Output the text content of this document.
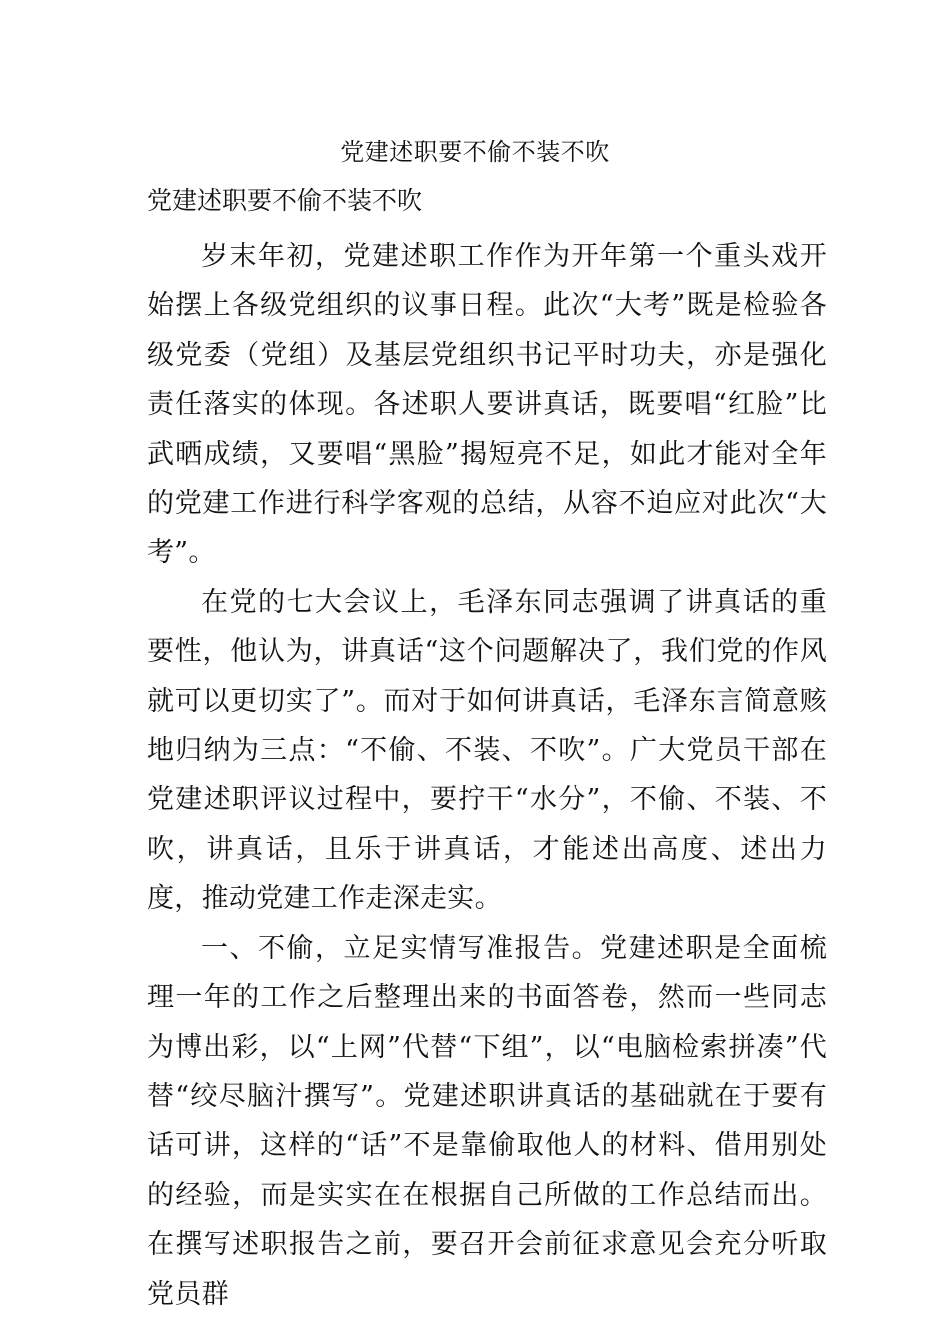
党建述职要不偷不装不吹
党建述职要不偷不装不吹

岁末年初，党建述职工作作为开年第一个重头戏开始摆上各级党组织的议事日程。此次“大考”既是检验各级党委（党组）及基层党组织书记平时功夫，亦是强化责任落实的体现。各述职人要讲真话，既要唱“红脸”比武晒成绩，又要唱“黑脸”揭短亮不足，如此才能对全年的党建工作进行科学客观的总结，从容不迫应对此次“大考”。

在党的七大会议上，毛泽东同志强调了讲真话的重要性，他认为，讲真话“这个问题解决了，我们党的作风就可以更切实了”。而对于如何讲真话，毛泽东言简意赅地归纳为三点：“不偷、不装、不吹”。广大党员干部在党建述职评议过程中，要拧干“水分”，不偷、不装、不吹，讲真话，且乐于讲真话，才能述出高度、述出力度，推动党建工作走深走实。

一、不偷，立足实情写准报告。党建述职是全面梳理一年的工作之后整理出来的书面答卷，然而一些同志为博出彩，以“上网”代替“下组”，以“电脑检索拼凑”代替“绞尽脑汁撰写”。党建述职讲真话的基础就在于要有话可讲，这样的“话”不是靠偷取他人的材料、借用别处的经验，而是实实在在根据自己所做的工作总结而出。在撰写述职报告之前，要召开会前征求意见会充分听取党员群
